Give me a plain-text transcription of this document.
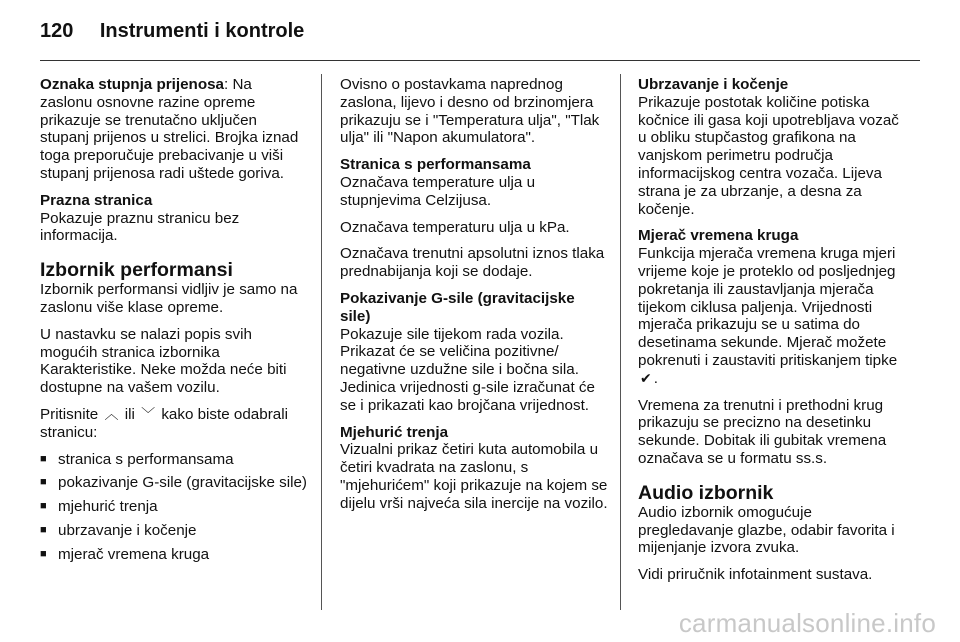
120 Instrumenti i kontrole

Oznaka stupnja prijenosa: Na zaslonu osnovne razine opreme prikazuje se trenutačno uključen stupanj prijenos u strelici. Brojka iznad toga preporučuje prebacivanje u viši stupanj prijenosa radi uštede goriva.

Prazna stranica
Pokazuje praznu stranicu bez informacija.

Izbornik performansi

Izbornik performansi vidljiv je samo na zaslonu više klase opreme.

U nastavku se nalazi popis svih mogućih stranica izbornika Karakteristike. Neke možda neće biti dostupne na vašem vozilu.

Pritisnite ︿ ili ﹀ kako biste odabrali stranicu:

■ stranica s performansama
■ pokazivanje G-sile (gravitacijske sile)
■ mjehurić trenja
■ ubrzavanje i kočenje
■ mjerač vremena kruga

Ovisno o postavkama naprednog zaslona, lijevo i desno od brzinomjera prikazuju se i "Temperatura ulja", "Tlak ulja" ili "Napon akumulatora".

Stranica s performansama
Označava temperature ulja u stupnjevima Celzijusa.

Označava temperaturu ulja u kPa.

Označava trenutni apsolutni iznos tlaka prednabijanja koji se dodaje.

Pokazivanje G-sile (gravitacijske sile)
Pokazuje sile tijekom rada vozila. Prikazat će se veličina pozitivne/ negativne uzdužne sile i bočna sila. Jedinica vrijednosti g-sile izračunat će se i prikazati kao brojčana vrijednost.

Mjehurić trenja
Vizualni prikaz četiri kuta automobila u četiri kvadrata na zaslonu, s "mjehurićem" koji prikazuje na kojem se dijelu vrši najveća sila inercije na vozilo.

Ubrzavanje i kočenje
Prikazuje postotak količine potiska kočnice ili gasa koji upotrebljava vozač u obliku stupčastog grafikona na vanjskom perimetru područja informacijskog centra vozača. Lijeva strana je za ubrzanje, a desna za kočenje.

Mjerač vremena kruga
Funkcija mjerača vremena kruga mjeri vrijeme koje je proteklo od posljednjeg pokretanja ili zaustavljanja mjerača tijekom ciklusa paljenja. Vrijednosti mjerača prikazuju se u satima do desetinama sekunde. Mjerač možete pokrenuti i zaustaviti pritiskanjem tipke ✔ .

Vremena za trenutni i prethodni krug prikazuju se precizno na desetinku sekunde. Dobitak ili gubitak vremena označava se u formatu ss.s.

Audio izbornik

Audio izbornik omogućuje pregledavanje glazbe, odabir favorita i mijenjanje izvora zvuka.

Vidi priručnik infotainment sustava.

carmanualsonline.info
